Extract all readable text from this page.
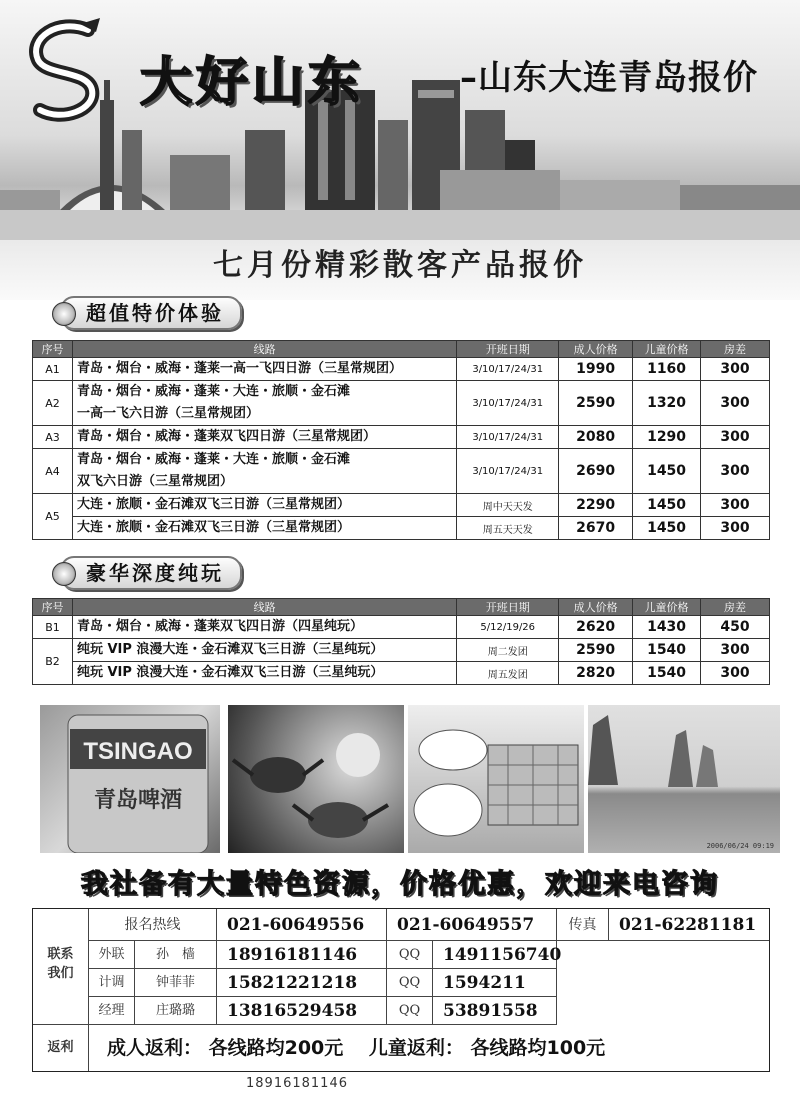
大好山东	–山东大连青岛报价
七月份精彩散客产品报价
超值特价体验
序号	线路	开班日期	成人价格	儿童价格	房差
A1	青岛・烟台・威海・蓬莱一高一飞四日游（三星常规团）	3/10/17/24/31	1990	1160	300
A2	青岛・烟台・威海・蓬莱・大连・旅顺・金石滩
一高一飞六日游（三星常规团）	3/10/17/24/31	2590	1320	300
A3	青岛・烟台・威海・蓬莱双飞四日游（三星常规团）	3/10/17/24/31	2080	1290	300
A4	青岛・烟台・威海・蓬莱・大连・旅顺・金石滩
双飞六日游（三星常规团）	3/10/17/24/31	2690	1450	300
A5	大连・旅顺・金石滩双飞三日游（三星常规团）	周中天天发	2290	1450	300

	大连・旅顺・金石滩双飞三日游（三星常规团）	周五天天发	2670	1450	300
豪华深度纯玩
序号	线路	开班日期	成人价格	儿童价格	房差
B1	青岛・烟台・威海・蓬莱双飞四日游（四星纯玩）	5/12/19/26	2620	1430	450
B2	纯玩 VIP 浪漫大连・金石滩双飞三日游（三星纯玩）	周二发团	2590	1540	300

	纯玩 VIP 浪漫大连・金石滩双飞三日游（三星纯玩）	周五发团	2820	1540	300
TSINGAO
青岛啤酒
2006/06/24 09:19
我社备有大量特色资源，价格优惠，欢迎来电咨询
联系我们
报名热线	021-60649556	021-60649557	传真	021-62281181
外联	孙　樯	18916181146	QQ	1491156740
计调	钟菲菲	15821221218	QQ	1594211
经理	庄璐璐	13816529458	QQ	53891558
返利	成人返利： 各线路均200元　 儿童返利： 各线路均100元
18916181146
